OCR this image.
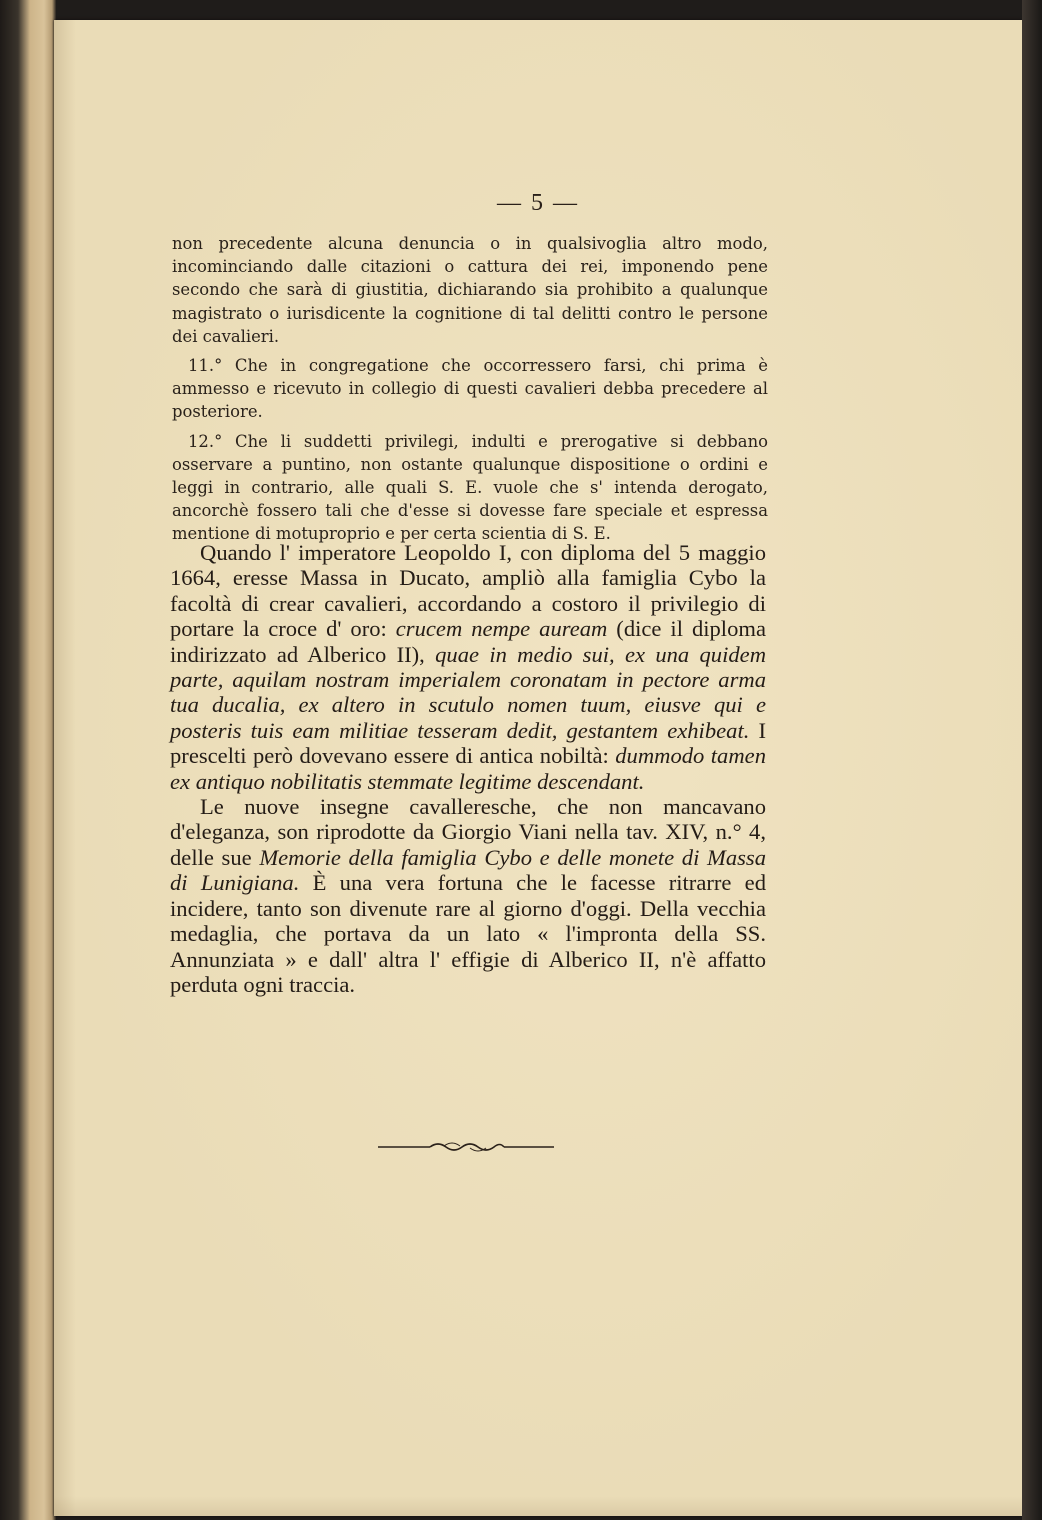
— 5 —

non precedente alcuna denuncia o in qualsivoglia altro modo, incominciando dalle citazioni o cattura dei rei, imponendo pene secondo che sarà di giustitia, dichiarando sia prohibito a qualunque magistrato o iurisdicente la cognitione di tal delitti contro le persone dei cavalieri.

11.° Che in congregatione che occorressero farsi, chi prima è ammesso e ricevuto in collegio di questi cavalieri debba precedere al posteriore.

12.° Che li suddetti privilegi, indulti e prerogative si debbano osservare a puntino, non ostante qualunque dispositione o ordini e leggi in contrario, alle quali S. E. vuole che s' intenda derogato, ancorchè fossero tali che d'esse si dovesse fare speciale et espressa mentione di motuproprio e per certa scientia di S. E.

Quando l' imperatore Leopoldo I, con diploma del 5 maggio 1664, eresse Massa in Ducato, ampliò alla famiglia Cybo la facoltà di crear cavalieri, accordando a costoro il privilegio di portare la croce d' oro: crucem nempe auream (dice il diploma indirizzato ad Alberico II), quae in medio sui, ex una quidem parte, aquilam nostram imperialem coronatam in pectore arma tua ducalia, ex altero in scutulo nomen tuum, eiusve qui e posteris tuis eam militiae tesseram dedit, gestantem exhibeat. I prescelti però dovevano essere di antica nobiltà: dummodo tamen ex antiquo nobilitatis stemmate legitime descendant.

Le nuove insegne cavalleresche, che non mancavano d'eleganza, son riprodotte da Giorgio Viani nella tav. XIV, n.° 4, delle sue Memorie della famiglia Cybo e delle monete di Massa di Lunigiana. È una vera fortuna che le facesse ritrarre ed incidere, tanto son divenute rare al giorno d'oggi. Della vecchia medaglia, che portava da un lato « l'impronta della SS. Annunziata » e dall' altra l' effigie di Alberico II, n'è affatto perduta ogni traccia.
